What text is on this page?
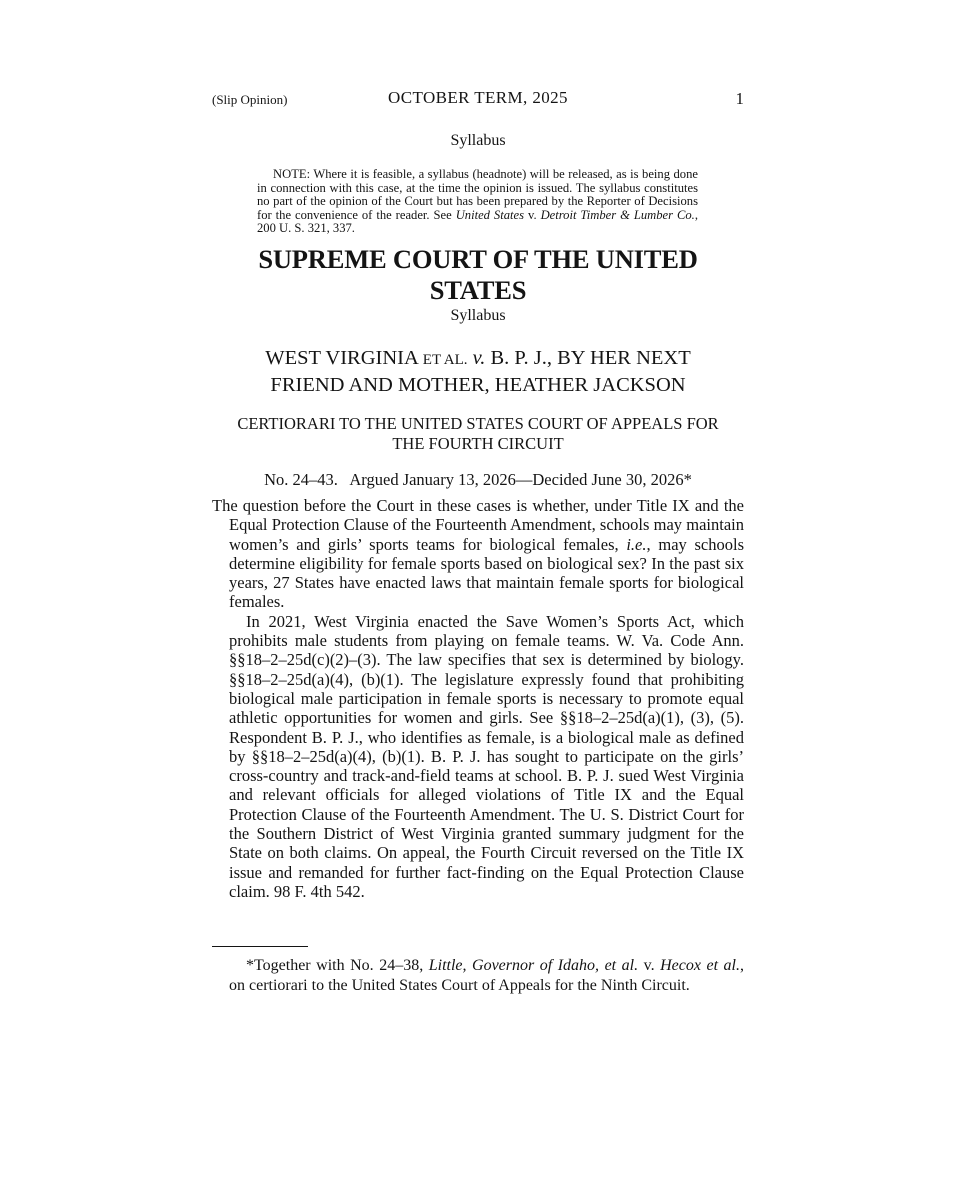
(Slip Opinion)	OCTOBER TERM, 2025	1
Syllabus
NOTE: Where it is feasible, a syllabus (headnote) will be released, as is being done in connection with this case, at the time the opinion is issued. The syllabus constitutes no part of the opinion of the Court but has been prepared by the Reporter of Decisions for the convenience of the reader. See United States v. Detroit Timber & Lumber Co., 200 U. S. 321, 337.
SUPREME COURT OF THE UNITED STATES
Syllabus
WEST VIRGINIA ET AL. v. B. P. J., BY HER NEXT
FRIEND AND MOTHER, HEATHER JACKSON
CERTIORARI TO THE UNITED STATES COURT OF APPEALS FOR
THE FOURTH CIRCUIT
No. 24–43.   Argued January 13, 2026—Decided June 30, 2026*

The question before the Court in these cases is whether, under Title IX and the Equal Protection Clause of the Fourteenth Amendment, schools may maintain women’s and girls’ sports teams for biological females, i.e., may schools determine eligibility for female sports based on biological sex? In the past six years, 27 States have enacted laws that maintain female sports for biological females.

In 2021, West Virginia enacted the Save Women’s Sports Act, which prohibits male students from playing on female teams. W. Va. Code Ann. §§18–2–25d(c)(2)–(3). The law specifies that sex is determined by biology. §§18–2–25d(a)(4), (b)(1). The legislature expressly found that prohibiting biological male participation in female sports is necessary to promote equal athletic opportunities for women and girls. See §§18–2–25d(a)(1), (3), (5). Respondent B. P. J., who identifies as female, is a biological male as defined by §§18–2–25d(a)(4), (b)(1). B. P. J. has sought to participate on the girls’ cross-country and track-and-field teams at school. B. P. J. sued West Virginia and relevant officials for alleged violations of Title IX and the Equal Protection Clause of the Fourteenth Amendment. The U. S. District Court for the Southern District of West Virginia granted summary judgment for the State on both claims. On appeal, the Fourth Circuit reversed on the Title IX issue and remanded for further fact-finding on the Equal Protection Clause claim. 98 F. 4th 542.

*Together with No. 24–38, Little, Governor of Idaho, et al. v. Hecox et al., on certiorari to the United States Court of Appeals for the Ninth Circuit.
